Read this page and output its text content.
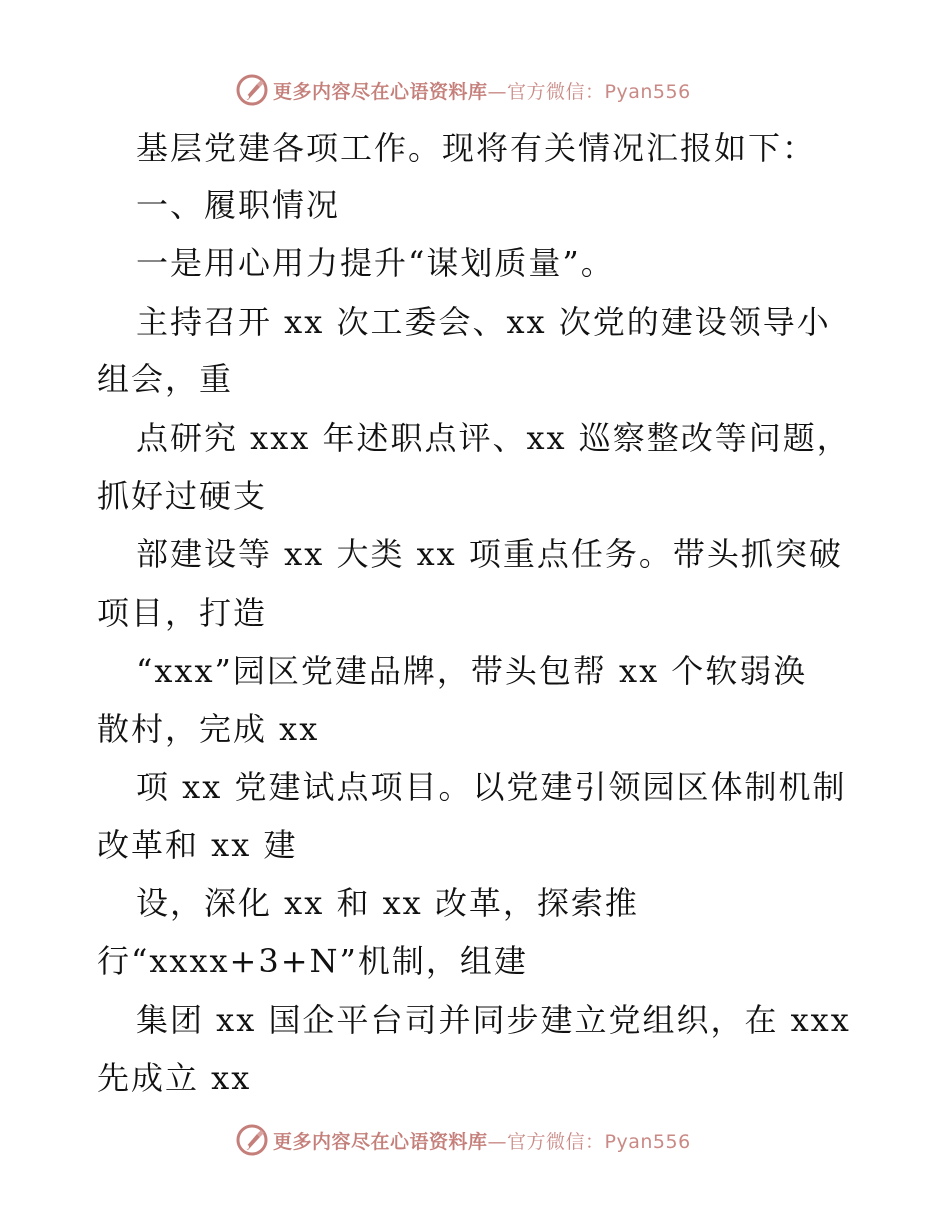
更多内容尽在心语资料库—官方微信：Pyan556
基层党建各项工作。现将有关情况汇报如下：
一、履职情况
一是用心用力提升“谋划质量”。
主持召开 xx 次工委会、xx 次党的建设领导小
组会，重
点研究 xxx 年述职点评、xx 巡察整改等问题，
抓好过硬支
部建设等 xx 大类 xx 项重点任务。带头抓突破
项目，打造
“xxx”园区党建品牌，带头包帮 xx 个软弱涣
散村，完成 xx
项 xx 党建试点项目。以党建引领园区体制机制
改革和 xx 建
设，深化 xx 和 xx 改革，探索推
行“xxxx+3+N”机制，组建
集团 xx 国企平台司并同步建立党组织，在 xxx
先成立 xx
更多内容尽在心语资料库—官方微信：Pyan556
